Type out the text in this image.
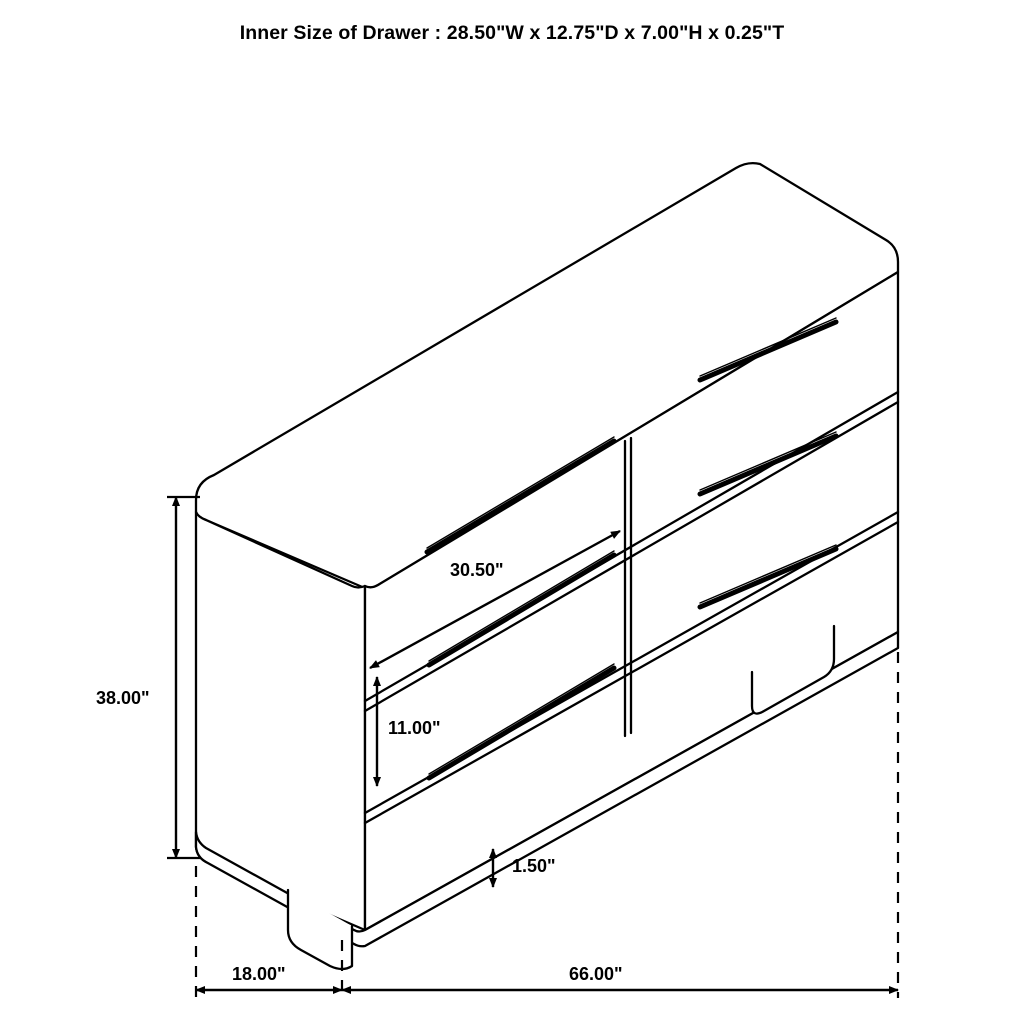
Inner Size of Drawer : 28.50"W x 12.75"D x 7.00"H x 0.25"T
38.00"
18.00"	66.00"
30.50"
11.00"
1.50"
